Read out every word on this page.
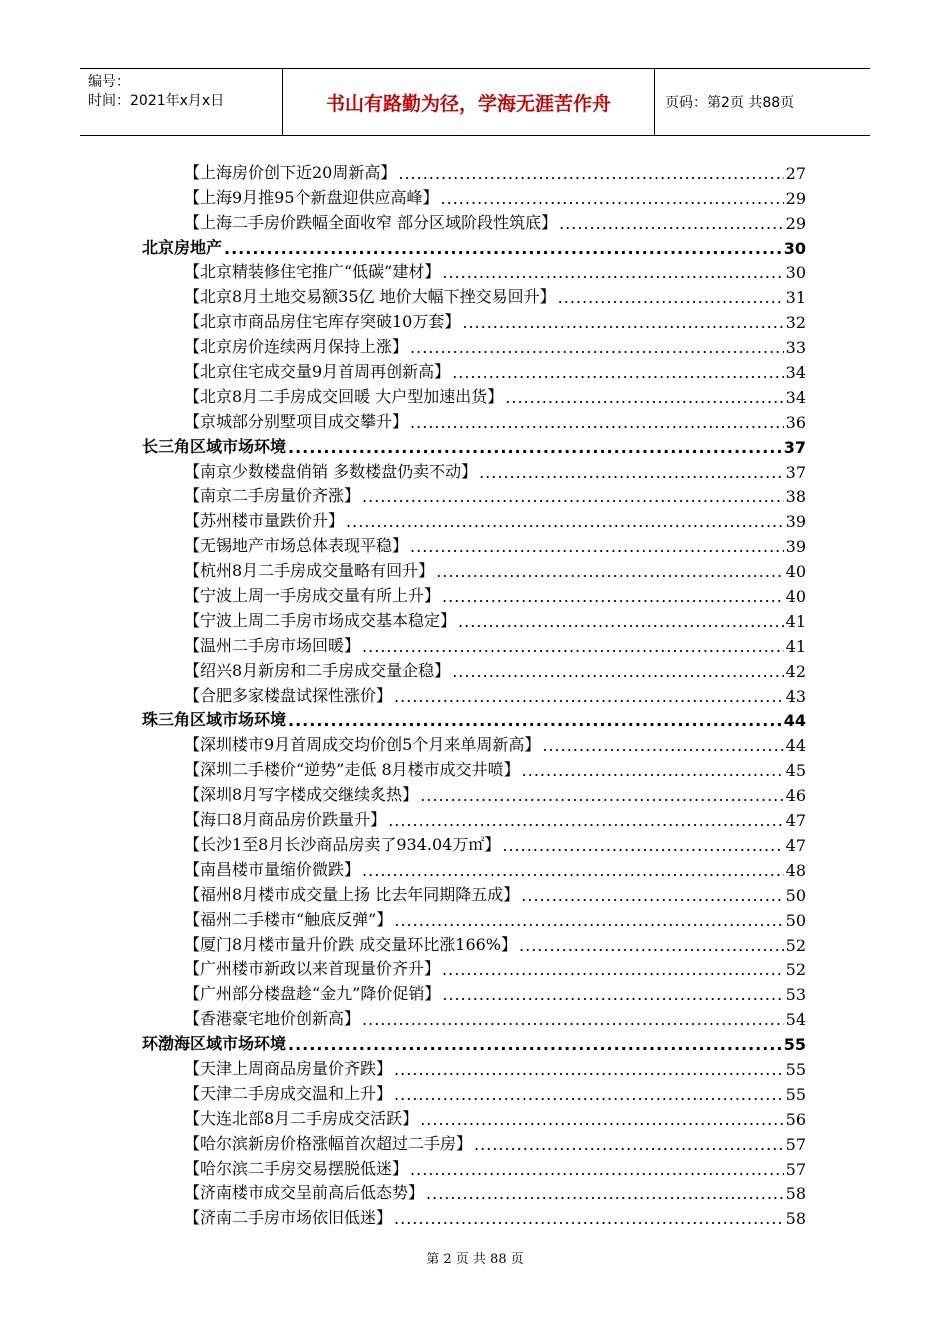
编号：
时间：2021年x月x日	书山有路勤为径，学海无涯苦作舟	页码：第2页 共88页
【上海房价创下近20周新高】 .....	27
【上海9月推95个新盘迎供应高峰】 .....	29
【上海二手房价跌幅全面收窄 部分区域阶段性筑底】 .....	29
北京房地产 .....	30
【北京精装修住宅推广“低碳”建材】 .....	30
【北京8月土地交易额35亿 地价大幅下挫交易回升】 .....	31
【北京市商品房住宅库存突破10万套】 .....	32
【北京房价连续两月保持上涨】 .....	33
【北京住宅成交量9月首周再创新高】 .....	34
【北京8月二手房成交回暖 大户型加速出货】 .....	34
【京城部分别墅项目成交攀升】 .....	36
长三角区域市场环境 .....	37
【南京少数楼盘俏销 多数楼盘仍卖不动】 .....	37
【南京二手房量价齐涨】 .....	38
【苏州楼市量跌价升】 .....	39
【无锡地产市场总体表现平稳】 .....	39
【杭州8月二手房成交量略有回升】 .....	40
【宁波上周一手房成交量有所上升】 .....	40
【宁波上周二手房市场成交基本稳定】 .....	41
【温州二手房市场回暖】 .....	41
【绍兴8月新房和二手房成交量企稳】 .....	42
【合肥多家楼盘试探性涨价】 .....	43
珠三角区域市场环境 .....	44
【深圳楼市9月首周成交均价创5个月来单周新高】 .....	44
【深圳二手楼价“逆势”走低 8月楼市成交井喷】 .....	45
【深圳8月写字楼成交继续炙热】 .....	46
【海口8月商品房价跌量升】 .....	47
【长沙1至8月长沙商品房卖了934.04万㎡】 .....	47
【南昌楼市量缩价微跌】 .....	48
【福州8月楼市成交量上扬 比去年同期降五成】 .....	50
【福州二手楼市“触底反弹”】 .....	50
【厦门8月楼市量升价跌 成交量环比涨166%】 .....	52
【广州楼市新政以来首现量价齐升】 .....	52
【广州部分楼盘趁“金九”降价促销】 .....	53
【香港豪宅地价创新高】 .....	54
环渤海区域市场环境 .....	55
【天津上周商品房量价齐跌】 .....	55
【天津二手房成交温和上升】 .....	55
【大连北部8月二手房成交活跃】 .....	56
【哈尔滨新房价格涨幅首次超过二手房】 .....	57
【哈尔滨二手房交易摆脱低迷】 .....	57
【济南楼市成交呈前高后低态势】 .....	58
【济南二手房市场依旧低迷】 .....	58
第 2 页 共 88 页
